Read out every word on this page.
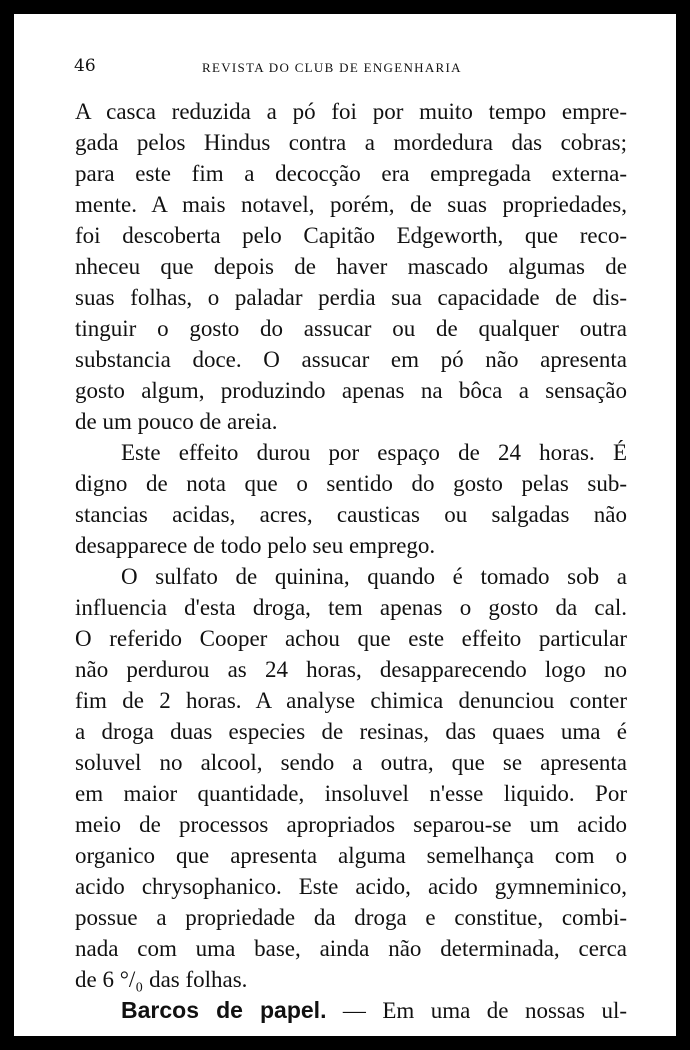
46	REVISTA DO CLUB DE ENGENHARIA
A casca reduzida a pó foi por muito tempo empre-
gada pelos Hindus contra a mordedura das cobras;
para este fim a decocção era empregada externa-
mente. A mais notavel, porém, de suas propriedades,
foi descoberta pelo Capitão Edgeworth, que reco-
nheceu que depois de haver mascado algumas de
suas folhas, o paladar perdia sua capacidade de dis-
tinguir o gosto do assucar ou de qualquer outra
substancia doce. O assucar em pó não apresenta
gosto algum, produzindo apenas na bôca a sensação
de um pouco de areia.
Este effeito durou por espaço de 24 horas. É
digno de nota que o sentido do gosto pelas sub-
stancias acidas, acres, causticas ou salgadas não
desapparece de todo pelo seu emprego.
O sulfato de quinina, quando é tomado sob a
influencia d'esta droga, tem apenas o gosto da cal.
O referido Cooper achou que este effeito particular
não perdurou as 24 horas, desapparecendo logo no
fim de 2 horas. A analyse chimica denunciou conter
a droga duas especies de resinas, das quaes uma é
soluvel no alcool, sendo a outra, que se apresenta
em maior quantidade, insoluvel n'esse liquido. Por
meio de processos apropriados separou-se um acido
organico que apresenta alguma semelhança com o
acido chrysophanico. Este acido, acido gymneminico,
possue a propriedade da droga e constitue, combi-
nada com uma base, ainda não determinada, cerca
de 6 °/₀ das folhas.
Barcos de papel. — Em uma de nossas ul-
